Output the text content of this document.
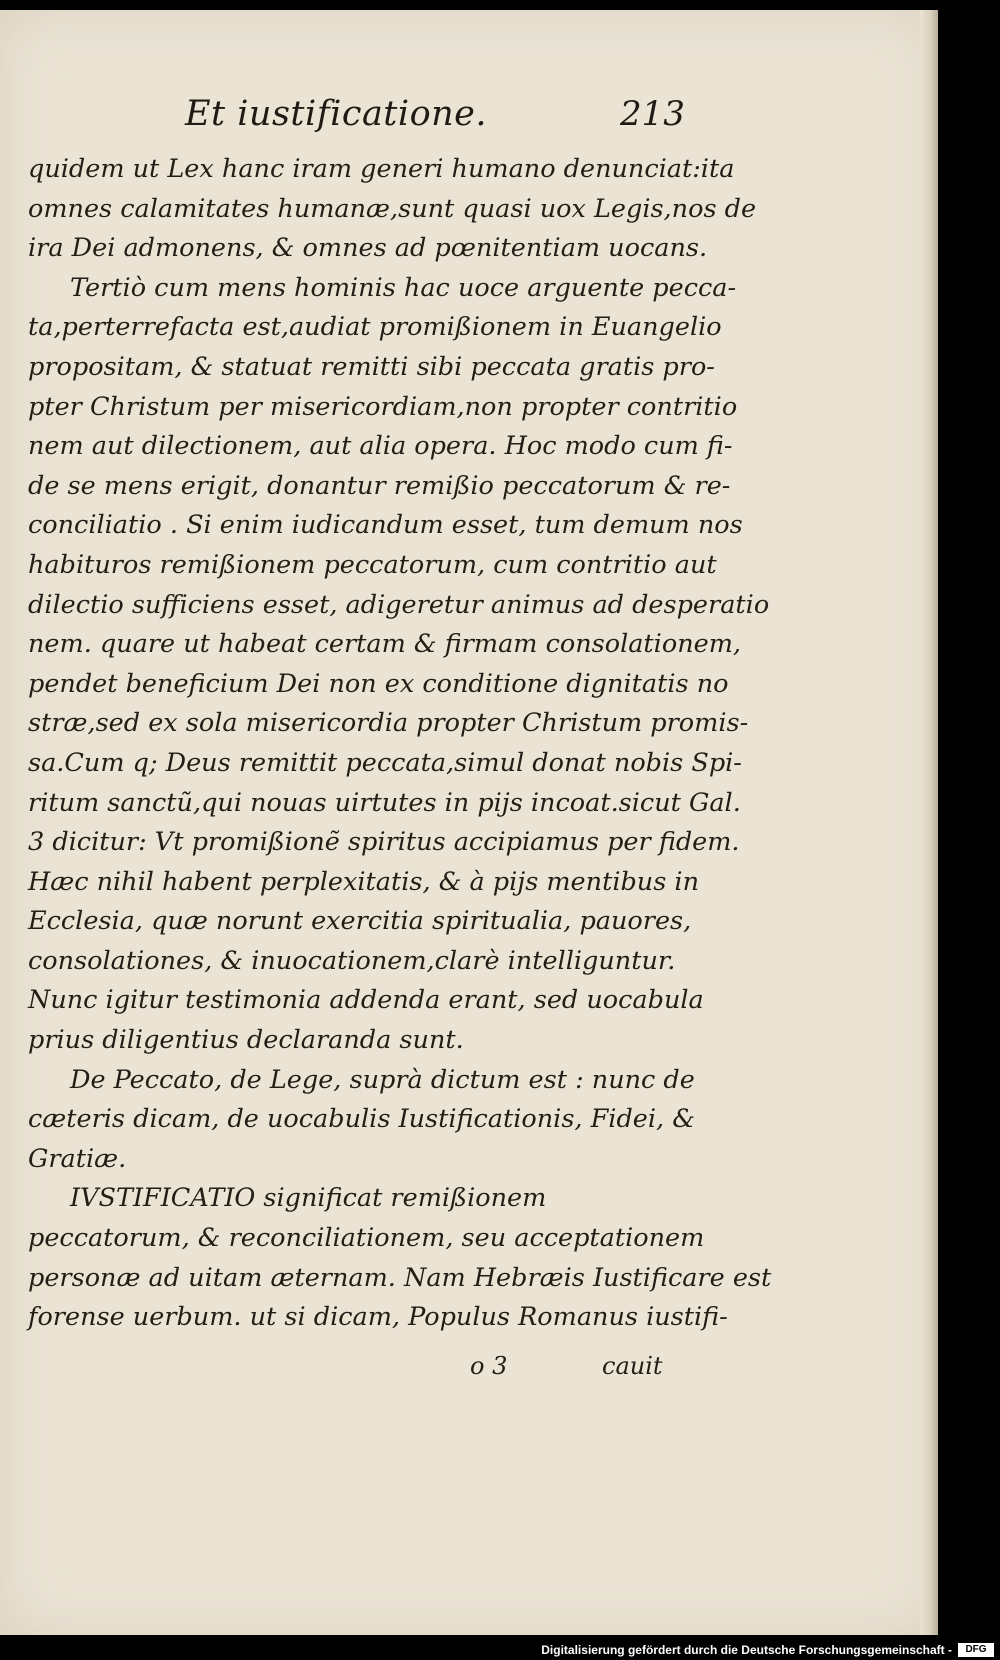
Et iustificatione.	213
quidem ut Lex hanc iram generi humano denunciat:ita
omnes calamitates humanæ,sunt quasi uox Legis,nos de
ira Dei admonens, & omnes ad pœnitentiam uocans.
Tertiò cum mens hominis hac uoce arguente pecca-
ta,perterrefacta est,audiat promißionem in Euangelio
propositam, & statuat remitti sibi peccata gratis pro-
pter Christum per misericordiam,non propter contritio
nem aut dilectionem, aut alia opera. Hoc modo cum fi-
de se mens erigit, donantur remißio peccatorum & re-
conciliatio . Si enim iudicandum esset, tum demum nos
habituros remißionem peccatorum, cum contritio aut
dilectio sufficiens esset, adigeretur animus ad desperatio
nem. quare ut habeat certam & firmam consolationem,
pendet beneficium Dei non ex conditione dignitatis no
stræ,sed ex sola misericordia propter Christum promis-
sa.Cum q; Deus remittit peccata,simul donat nobis Spi-
ritum sanctũ,qui nouas uirtutes in pijs incoat.sicut Gal.
3 dicitur: Vt promißionẽ spiritus accipiamus per fidem.
Hæc nihil habent perplexitatis, & à pijs mentibus in
Ecclesia, quæ norunt exercitia spiritualia, pauores,
consolationes, & inuocationem,clarè intelliguntur.
Nunc igitur testimonia addenda erant, sed uocabula
prius diligentius declaranda sunt.
De Peccato, de Lege, suprà dictum est : nunc de
cæteris dicam, de uocabulis Iustificationis, Fidei, &
Gratiæ.
IVSTIFICATIO significat remißionem
peccatorum, & reconciliationem, seu acceptationem
personæ ad uitam æternam. Nam Hebræis Iustificare est
forense uerbum. ut si dicam, Populus Romanus iustifi-
o 3	cauit
Digitalisierung gefördert durch die Deutsche Forschungsgemeinschaft -	DFG
